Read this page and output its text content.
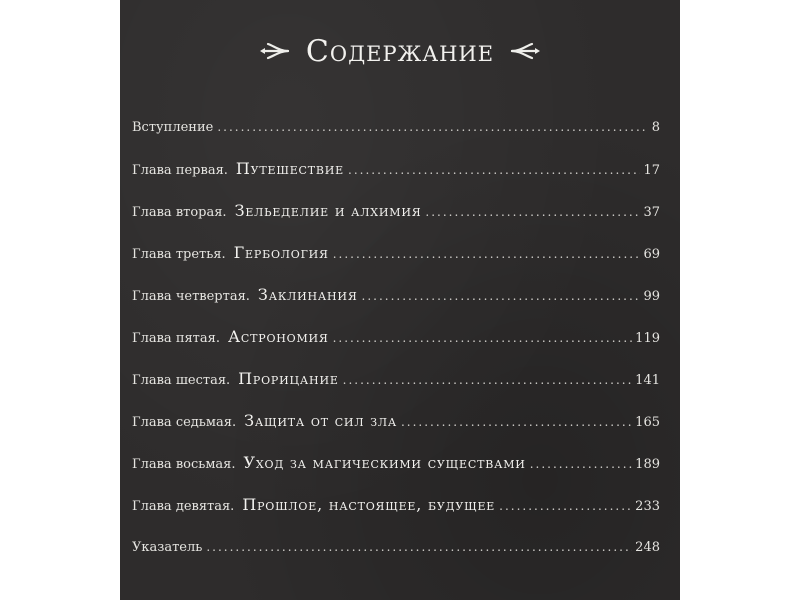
Содержание
Вступление .....	8
Глава первая. Путешествие .....	17
Глава вторая. Зельеделие и алхимия .....	37
Глава третья. Гербология .....	69
Глава четвертая. Заклинания .....	99
Глава пятая. Астрономия .....	119
Глава шестая. Прорицание .....	141
Глава седьмая. Защита от сил зла .....	165
Глава восьмая. Уход за магическими существами .....	189
Глава девятая. Прошлое, настоящее, будущее .....	233
Указатель .....	248
